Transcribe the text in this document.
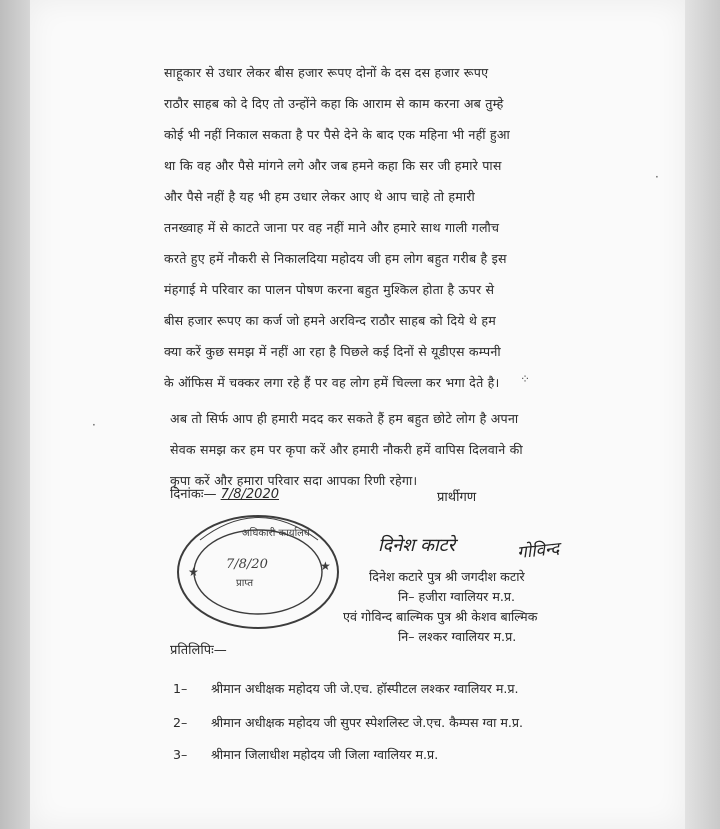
साहूकार से उधार लेकर बीस हजार रूपए दोनों के दस दस हजार रूपए
राठौर साहब को दे दिए तो उन्होंने कहा कि आराम से काम करना अब तुम्हे
कोई भी नहीं निकाल सकता है पर पैसे देने के बाद एक महिना भी नहीं हुआ
था कि वह और पैसे मांगने लगे और जब हमने कहा कि सर जी हमारे पास
और पैसे नहीं है यह भी हम उधार लेकर आए थे आप चाहे तो हमारी
तनख्वाह में से काटते जाना पर वह नहीं माने और हमारे साथ गाली गलौच
करते हुए हमें नौकरी से निकालदिया महोदय जी हम लोग बहुत गरीब है इस
मंहगाई मे परिवार का पालन पोषण करना बहुत मुश्किल होता है ऊपर से
बीस हजार रूपए का कर्ज जो हमने अरविन्द राठौर साहब को दिये थे हम
क्या करें कुछ समझ में नहीं आ रहा है पिछले कई दिनों से यूडीएस कम्पनी
के ऑफिस में चक्कर लगा रहे हैं पर वह लोग हमें चिल्ला कर भगा देते है।
अब तो सिर्फ आप ही हमारी मदद कर सकते हैं हम बहुत छोटे लोग है अपना
सेवक समझ कर हम पर कृपा करें और हमारी नौकरी हमें वापिस दिलवाने की
कृपा करें और हमारा परिवार सदा आपका रिणी रहेगा।
दिनांकः— 7/8/2020	प्रार्थीगण
अधिकारी कार्यालय
7/8/20
प्राप्त
★
★
दिनेश काटरे	गोविन्द
दिनेश कटारे पुत्र श्री जगदीश कटारे
नि– हजीरा ग्वालियर म.प्र.
एवं गोविन्द बाल्मिक पुत्र श्री केशव बाल्मिक
नि– लश्कर ग्वालियर म.प्र.
प्रतिलिपिः—
1– श्रीमान अधीक्षक महोदय जी जे.एच. हॉस्पीटल लश्कर ग्वालियर म.प्र.
2– श्रीमान अधीक्षक महोदय जी सुपर स्पेशलिस्ट जे.एच. कैम्पस ग्वा म.प्र.
3– श्रीमान जिलाधीश महोदय जी जिला ग्वालियर म.प्र.
·
·
⁘
